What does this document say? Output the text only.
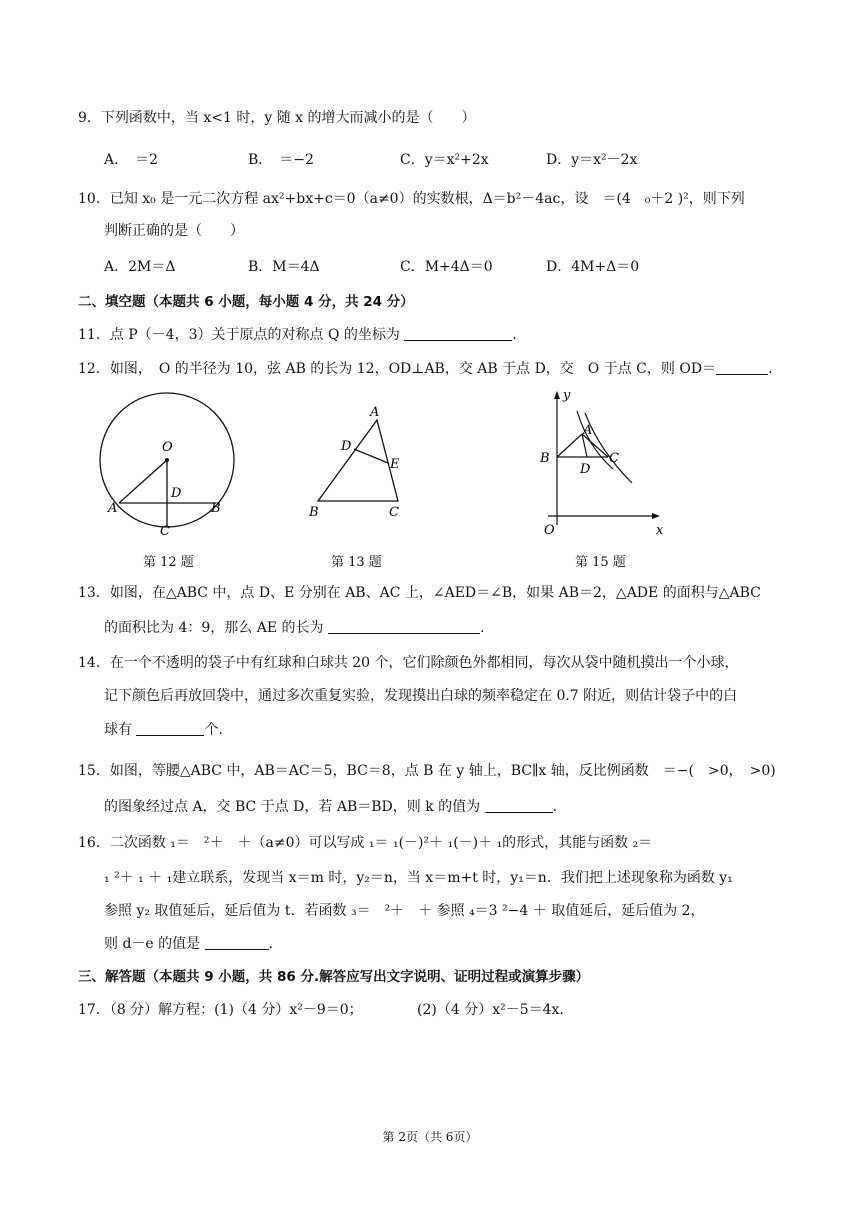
9．下列函数中，当 x<1 时，y 随 x 的增大而减小的是（　　）
A．　＝2	B．　＝−2	C．y＝x²+2x	D．y＝x²－2x
10．已知 x₀ 是一元二次方程 ax²+bx+c＝0（a≠0）的实数根，Δ＝b²－4ac，设　＝(4　₀＋2 )²，则下列
判断正确的是（　　）
A．2M＝Δ	B．M＝4Δ	C．M+4Δ＝0	D．4M+Δ＝0
二、填空题（本题共 6 小题，每小题 4 分，共 24 分）
11．点 P（－4，3）关于原点的对称点 Q 的坐标为	.
12．如图，　O 的半径为 10，弦 AB 的长为 12，OD⊥AB，交 AB 于点 D，交　O 于点 C，则 OD＝	.
O
D
A	B
C
A
D
E
B	C
y
A
B
D
C
O	x
第 12 题	第 13 题	第 15 题
13．如图，在△ABC 中，点 D、E 分别在 AB、AC 上，∠AED＝∠B，如果 AB＝2，△ADE 的面积与△ABC
的面积比为 4：9，那么 AE 的长为	.
14．在一个不透明的袋子中有红球和白球共 20 个，它们除颜色外都相同，每次从袋中随机摸出一个小球，
记下颜色后再放回袋中，通过多次重复实验，发现摸出白球的频率稳定在 0.7 附近，则估计袋子中的白
球有	个.
15．如图，等腰△ABC 中，AB＝AC＝5，BC＝8，点 B 在 y 轴上，BC∥x 轴，反比例函数　＝−(　>0，　>0)
的图象经过点 A，交 BC 于点 D，若 AB＝BD，则 k 的值为	.
16．二次函数 ₁＝　²＋　＋（a≠0）可以写成 ₁＝ ₁(－)²＋ ₁(－)＋ ₁的形式，其能与函数 ₂＝
₁ ²＋ ₁ ＋ ₁建立联系，发现当 x＝m 时，y₂＝n，当 x＝m+t 时，y₁＝n．我们把上述现象称为函数 y₁
参照 y₂ 取值延后，延后值为 t．若函数 ₃＝　²＋　＋ 参照 ₄＝3 ²−4 ＋ 取值延后，延后值为 2，
则 d－e 的值是	.
三、解答题（本题共 9 小题，共 86 分.解答应写出文字说明、证明过程或演算步骤）
17．（8 分）解方程：(1)（4 分）x²－9＝0；	(2)（4 分）x²－5＝4x.
第 2页（共 6页）
